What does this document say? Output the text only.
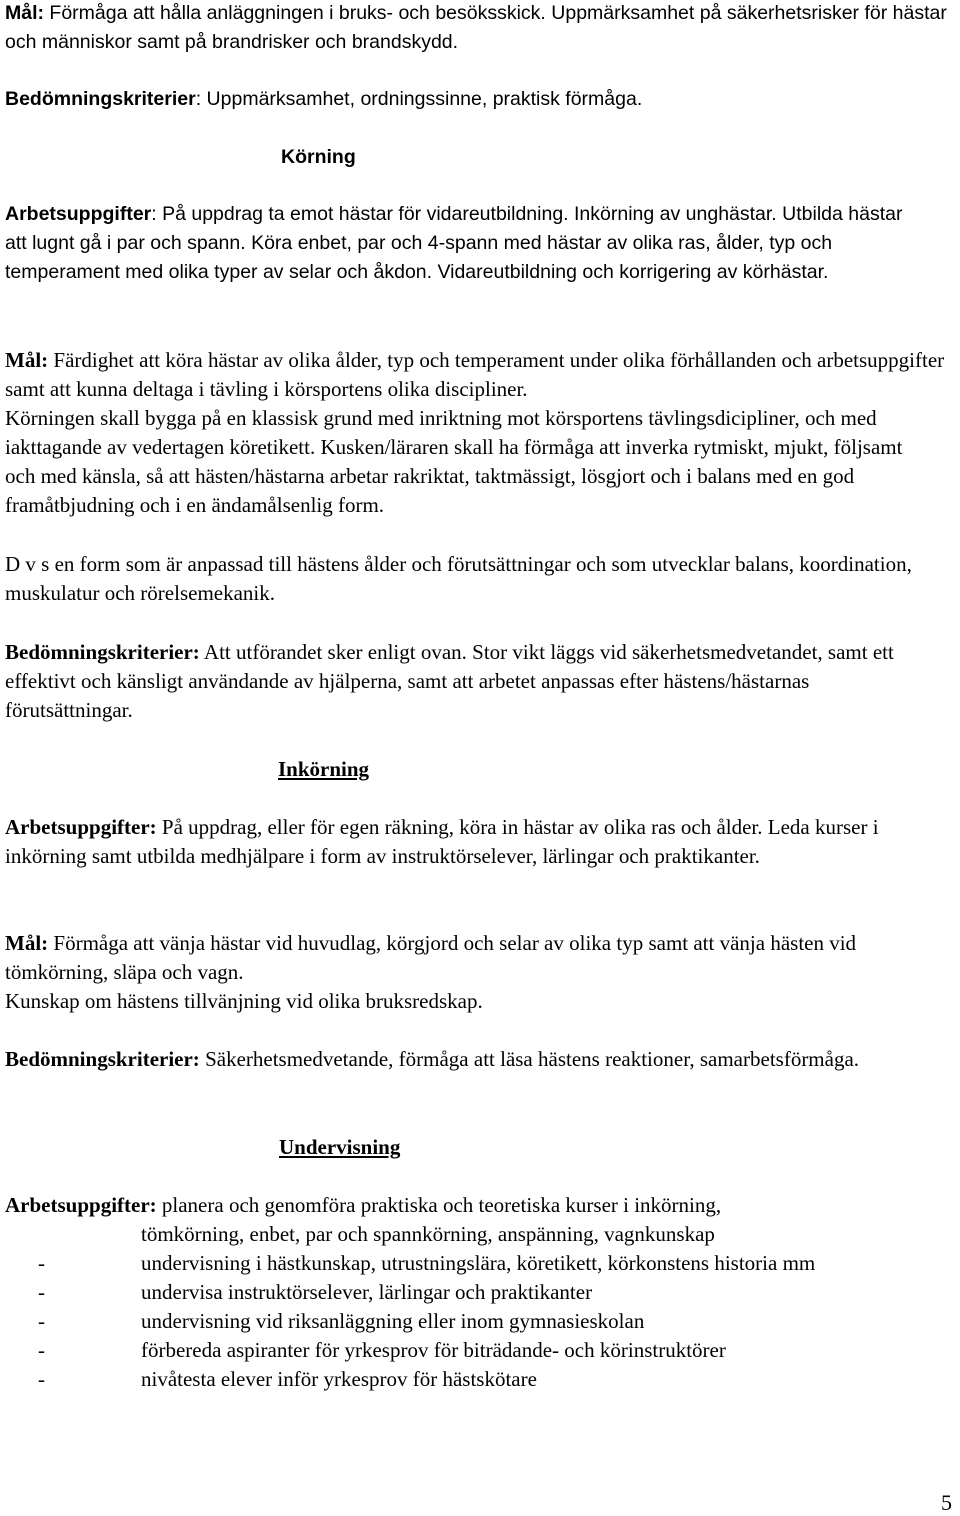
Mål: Förmåga att hålla anläggningen i bruks- och besöksskick. Uppmärksamhet på säkerhetsrisker för hästar och människor samt på brandrisker och brandskydd.

Bedömningskriterier: Uppmärksamhet, ordningssinne, praktisk förmåga.

Körning

Arbetsuppgifter: På uppdrag ta emot hästar för vidareutbildning. Inkörning av unghästar. Utbilda hästar att lugnt gå i par och spann. Köra enbet, par och 4-spann med hästar av olika ras, ålder, typ och temperament med olika typer av selar och åkdon. Vidareutbildning och korrigering av körhästar.

Mål: Färdighet att köra hästar av olika ålder, typ och temperament under olika förhållanden och arbetsuppgifter samt att kunna deltaga i tävling i körsportens olika discipliner.

Körningen skall bygga på en klassisk grund med inriktning mot körsportens tävlingsdicipliner, och med iakttagande av vedertagen köretikett. Kusken/läraren skall ha förmåga att inverka rytmiskt, mjukt, följsamt och med känsla, så att hästen/hästarna arbetar rakriktat, taktmässigt, lösgjort och i balans med en god framåtbjudning och i en ändamålsenlig form.

D v s en form som är anpassad till hästens ålder och förutsättningar och som utvecklar balans, koordination, muskulatur och rörelsemekanik.

Bedömningskriterier: Att utförandet sker enligt ovan. Stor vikt läggs vid säkerhetsmedvetandet, samt ett effektivt och känsligt användande av hjälperna, samt att arbetet anpassas efter hästens/hästarnas förutsättningar.

Inkörning

Arbetsuppgifter: På uppdrag, eller för egen räkning, köra in hästar av olika ras och ålder. Leda kurser i inkörning samt utbilda medhjälpare i form av instruktörselever, lärlingar och praktikanter.

Mål: Förmåga att vänja hästar vid huvudlag, körgjord och selar av olika typ samt att vänja hästen vid tömkörning, släpa och vagn.

Kunskap om hästens tillvänjning vid olika bruksredskap.

Bedömningskriterier: Säkerhetsmedvetande, förmåga att läsa hästens reaktioner, samarbetsförmåga.

Undervisning

Arbetsuppgifter: planera och genomföra praktiska och teoretiska kurser i inkörning,

tömkörning, enbet, par och spannkörning, anspänning, vagnkunskap

-	undervisning i hästkunskap, utrustningslära, köretikett, körkonstens historia mm

-	undervisa instruktörselever, lärlingar och praktikanter

-	undervisning vid riksanläggning eller inom gymnasieskolan

-	förbereda aspiranter för yrkesprov för biträdande- och körinstruktörer

-	nivåtesta elever inför yrkesprov för hästskötare

5
